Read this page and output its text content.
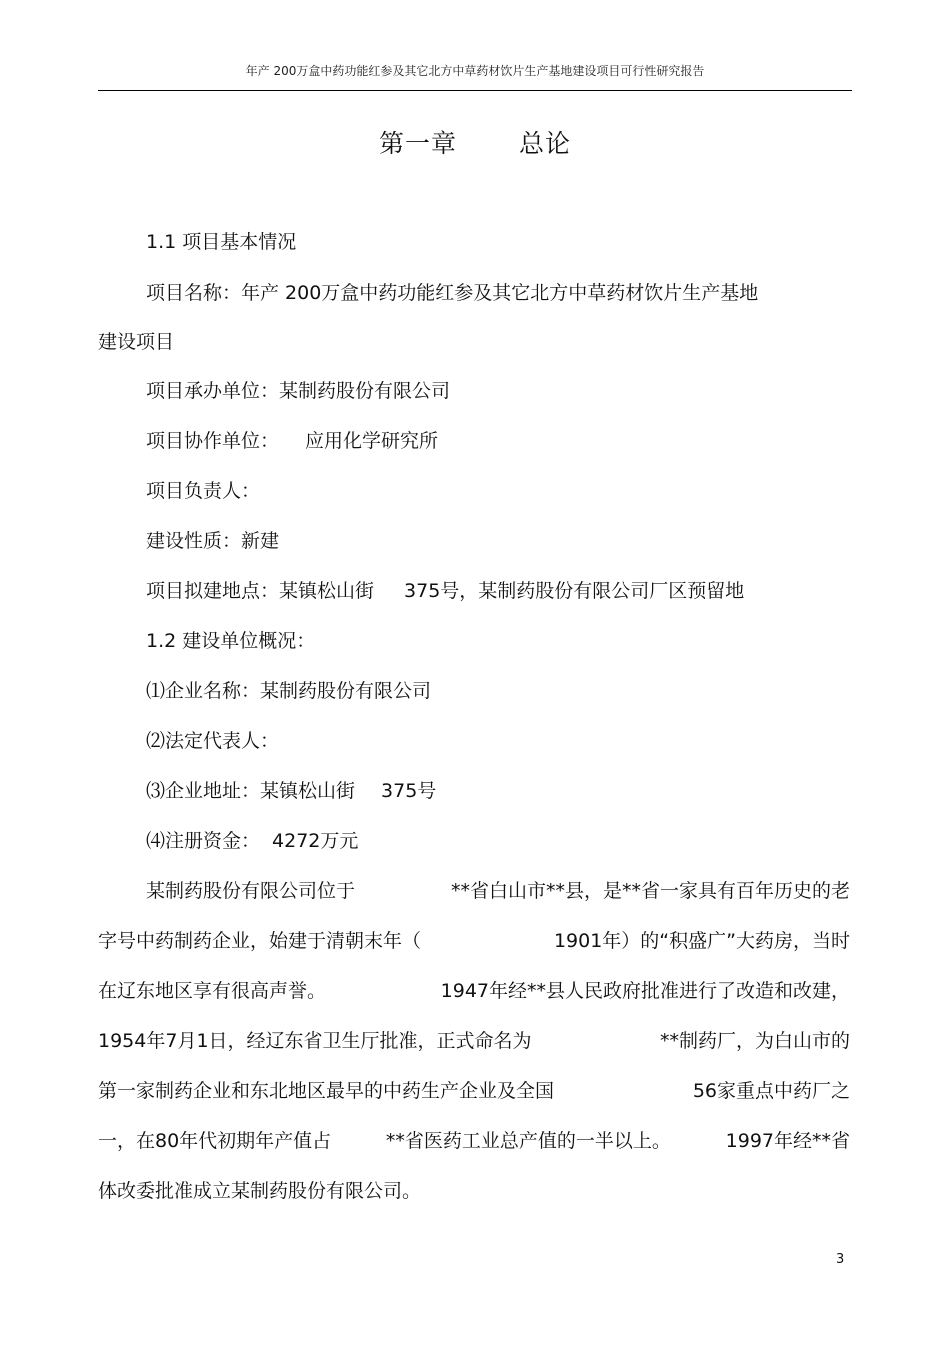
年产 200万盒中药功能红参及其它北方中草药材饮片生产基地建设项目可行性研究报告
第一章 总论
1.1 项目基本情况
项目名称：年产 200万盒中药功能红参及其它北方中草药材饮片生产基地
建设项目
项目承办单位：某制药股份有限公司
项目协作单位： 应用化学研究所
项目负责人：
建设性质：新建
项目拟建地点：某镇松山街 375号，某制药股份有限公司厂区预留地
1.2 建设单位概况：
⑴企业名称：某制药股份有限公司
⑵法定代表人：
⑶企业地址：某镇松山街 375号
⑷注册资金： 4272万元
某制药股份有限公司位于	**省白山市**县，是**省一家具有百年历史的老
字号中药制药企业，始建于清朝末年（	1901年）的“积盛广”大药房，当时
在辽东地区享有很高声誉。	1947年经**县人民政府批准进行了改造和改建，
1954年7月1日，经辽东省卫生厅批准，正式命名为	**制药厂，为白山市的
第一家制药企业和东北地区最早的中药生产企业及全国	56家重点中药厂之
一，在80年代初期年产值占	**省医药工业总产值的一半以上。	1997年经**省
体改委批准成立某制药股份有限公司。
3
